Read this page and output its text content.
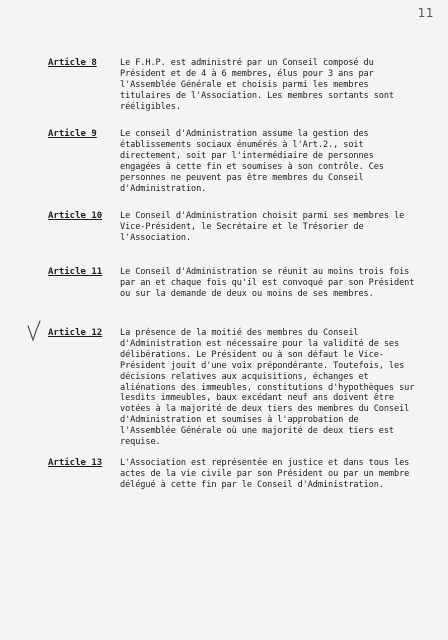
11
Article 8	Le F.H.P. est administré par un Conseil composé du Président et de 4 à 6 membres, élus pour 3 ans par l'Assemblée Générale et choisis parmi les membres titulaires de l'Association. Les membres sortants sont rééligibles.
Article 9	Le conseil d'Administration assume la gestion des établissements sociaux énumérés à l'Art.2., soit directement, soit par l'intermédiaire de personnes engagées à cette fin et soumises à son contrôle. Ces personnes ne peuvent pas être membres du Conseil d'Administration.
Article 10 Le Conseil d'Administration choisit parmi ses membres le Vice-Président, le Secrétaire et le Trésorier de l'Association.
Article 11 Le Conseil d'Administration se réunit au moins trois fois par an et chaque fois qu'il est convoqué par son Président ou sur la demande de deux ou moins de ses membres.
Article 12 La présence de la moitié des membres du Conseil d'Administration est nécessaire pour la validité de ses délibérations. Le Président ou à son défaut le Vice-Président jouit d'une voix prépondérante. Toutefois, les décisions relatives aux acquisitions, échanges et aliénations des immeubles, constitutions d'hypothèques sur lesdits immeubles, baux excédant neuf ans doivent être votées à la majorité de deux tiers des membres du Conseil d'Administration et soumises à l'approbation de l'Assemblée Générale où une majorité de deux tiers est requise.
Article 13 L'Association est représentée en justice et dans tous les actes de la vie civile par son Président ou par un membre délégué à cette fin par le Conseil d'Administration.
